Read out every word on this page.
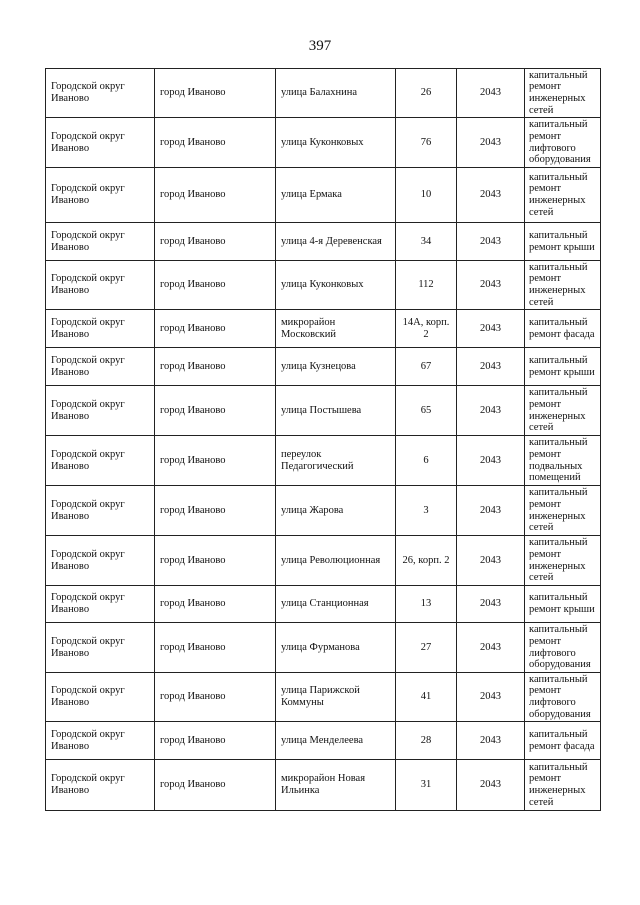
397
Городской округ Иваново	город Иваново	улица Балахнина	26	2043	капитальный ремонт инженерных сетей
Городской округ Иваново	город Иваново	улица Куконковых	76	2043	капитальный ремонт лифтового оборудования
Городской округ Иваново	город Иваново	улица Ермака	10	2043	капитальный ремонт инженерных сетей
Городской округ Иваново	город Иваново	улица 4-я Деревенская	34	2043	капитальный ремонт крыши
Городской округ Иваново	город Иваново	улица Куконковых	112	2043	капитальный ремонт инженерных сетей
Городской округ Иваново	город Иваново	микрорайон Московский	14А, корп. 2	2043	капитальный ремонт фасада
Городской округ Иваново	город Иваново	улица Кузнецова	67	2043	капитальный ремонт крыши
Городской округ Иваново	город Иваново	улица Постышева	65	2043	капитальный ремонт инженерных сетей
Городской округ Иваново	город Иваново	переулок Педагогический	6	2043	капитальный ремонт подвальных помещений
Городской округ Иваново	город Иваново	улица Жарова	3	2043	капитальный ремонт инженерных сетей
Городской округ Иваново	город Иваново	улица Революционная	26, корп. 2	2043	капитальный ремонт инженерных сетей
Городской округ Иваново	город Иваново	улица Станционная	13	2043	капитальный ремонт крыши
Городской округ Иваново	город Иваново	улица Фурманова	27	2043	капитальный ремонт лифтового оборудования
Городской округ Иваново	город Иваново	улица Парижской Коммуны	41	2043	капитальный ремонт лифтового оборудования
Городской округ Иваново	город Иваново	улица Менделеева	28	2043	капитальный ремонт фасада
Городской округ Иваново	город Иваново	микрорайон Новая Ильинка	31	2043	капитальный ремонт инженерных сетей
